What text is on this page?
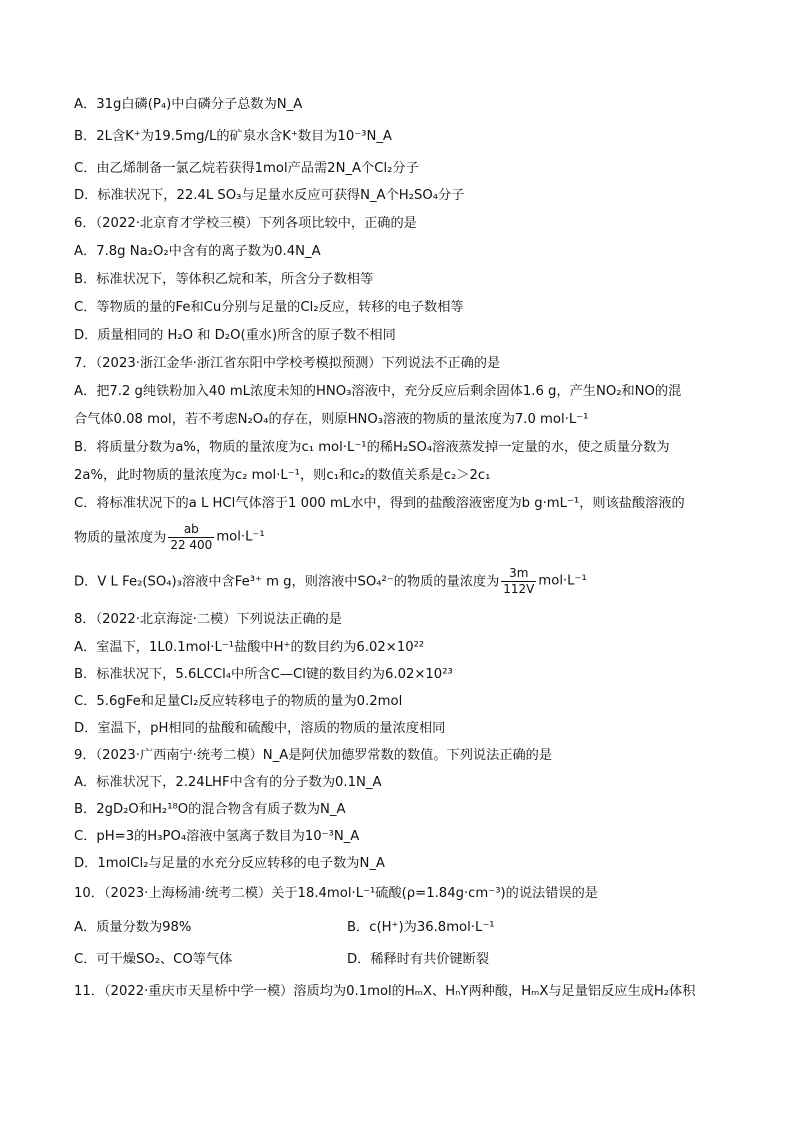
A．31g白磷(P₄)中白磷分子总数为N_A
B．2L含K⁺为19.5mg/L的矿泉水含K⁺数目为10⁻³N_A
C．由乙烯制备一氯乙烷若获得1mol产品需2N_A个Cl₂分子
D．标准状况下，22.4L SO₃与足量水反应可获得N_A个H₂SO₄分子
6．（2022·北京育才学校三模）下列各项比较中，正确的是
A．7.8g Na₂O₂中含有的离子数为0.4N_A
B．标准状况下，等体积乙烷和苯，所含分子数相等
C．等物质的量的Fe和Cu分别与足量的Cl₂反应，转移的电子数相等
D．质量相同的 H₂O 和 D₂O(重水)所含的原子数不相同
7．（2023·浙江金华·浙江省东阳中学校考模拟预测）下列说法不正确的是
A．把7.2 g纯铁粉加入40 mL浓度未知的HNO₃溶液中，充分反应后剩余固体1.6 g，产生NO₂和NO的混
合气体0.08 mol，若不考虑N₂O₄的存在，则原HNO₃溶液的物质的量浓度为7.0 mol·L⁻¹
B．将质量分数为a%，物质的量浓度为c₁ mol·L⁻¹的稀H₂SO₄溶液蒸发掉一定量的水，使之质量分数为
2a%，此时物质的量浓度为c₂ mol·L⁻¹，则c₁和c₂的数值关系是c₂＞2c₁
C．将标准状况下的a L HCl气体溶于1 000 mL水中，得到的盐酸溶液密度为b g·mL⁻¹，则该盐酸溶液的
物质的量浓度为 $\frac{ab}{22 400} mol\cdot L^{-1}$
D．V L Fe₂(SO₄)₃溶液中含Fe³⁺ m g，则溶液中SO₄²⁻的物质的量浓度为 $\frac{3m}{112V} mol\cdot L^{-1}$
8．（2022·北京海淀·二模）下列说法正确的是
A．室温下，1L0.1mol·L⁻¹盐酸中H⁺的数目约为6.02×10²²
B．标准状况下，5.6LCCl₄中所含C—Cl键的数目约为6.02×10²³
C．5.6gFe和足量Cl₂反应转移电子的物质的量为0.2mol
D．室温下，pH相同的盐酸和硫酸中，溶质的物质的量浓度相同
9．（2023·广西南宁·统考二模）N_A是阿伏加德罗常数的数值。下列说法正确的是
A．标准状况下，2.24LHF中含有的分子数为0.1N_A
B．2gD₂O和H₂¹⁸O的混合物含有质子数为N_A
C．pH=3的H₃PO₄溶液中氢离子数目为10⁻³N_A
D．1molCl₂与足量的水充分反应转移的电子数为N_A
10．（2023·上海杨浦·统考二模）关于18.4mol·L⁻¹硫酸(ρ=1.84g·cm⁻³)的说法错误的是
A．质量分数为98%	B．c(H⁺)为36.8mol·L⁻¹
C．可干燥SO₂、CO等气体	D．稀释时有共价键断裂
11．（2022·重庆市天星桥中学一模）溶质均为0.1mol的HₘX、HₙY两种酸，HₘX与足量铝反应生成H₂体积
